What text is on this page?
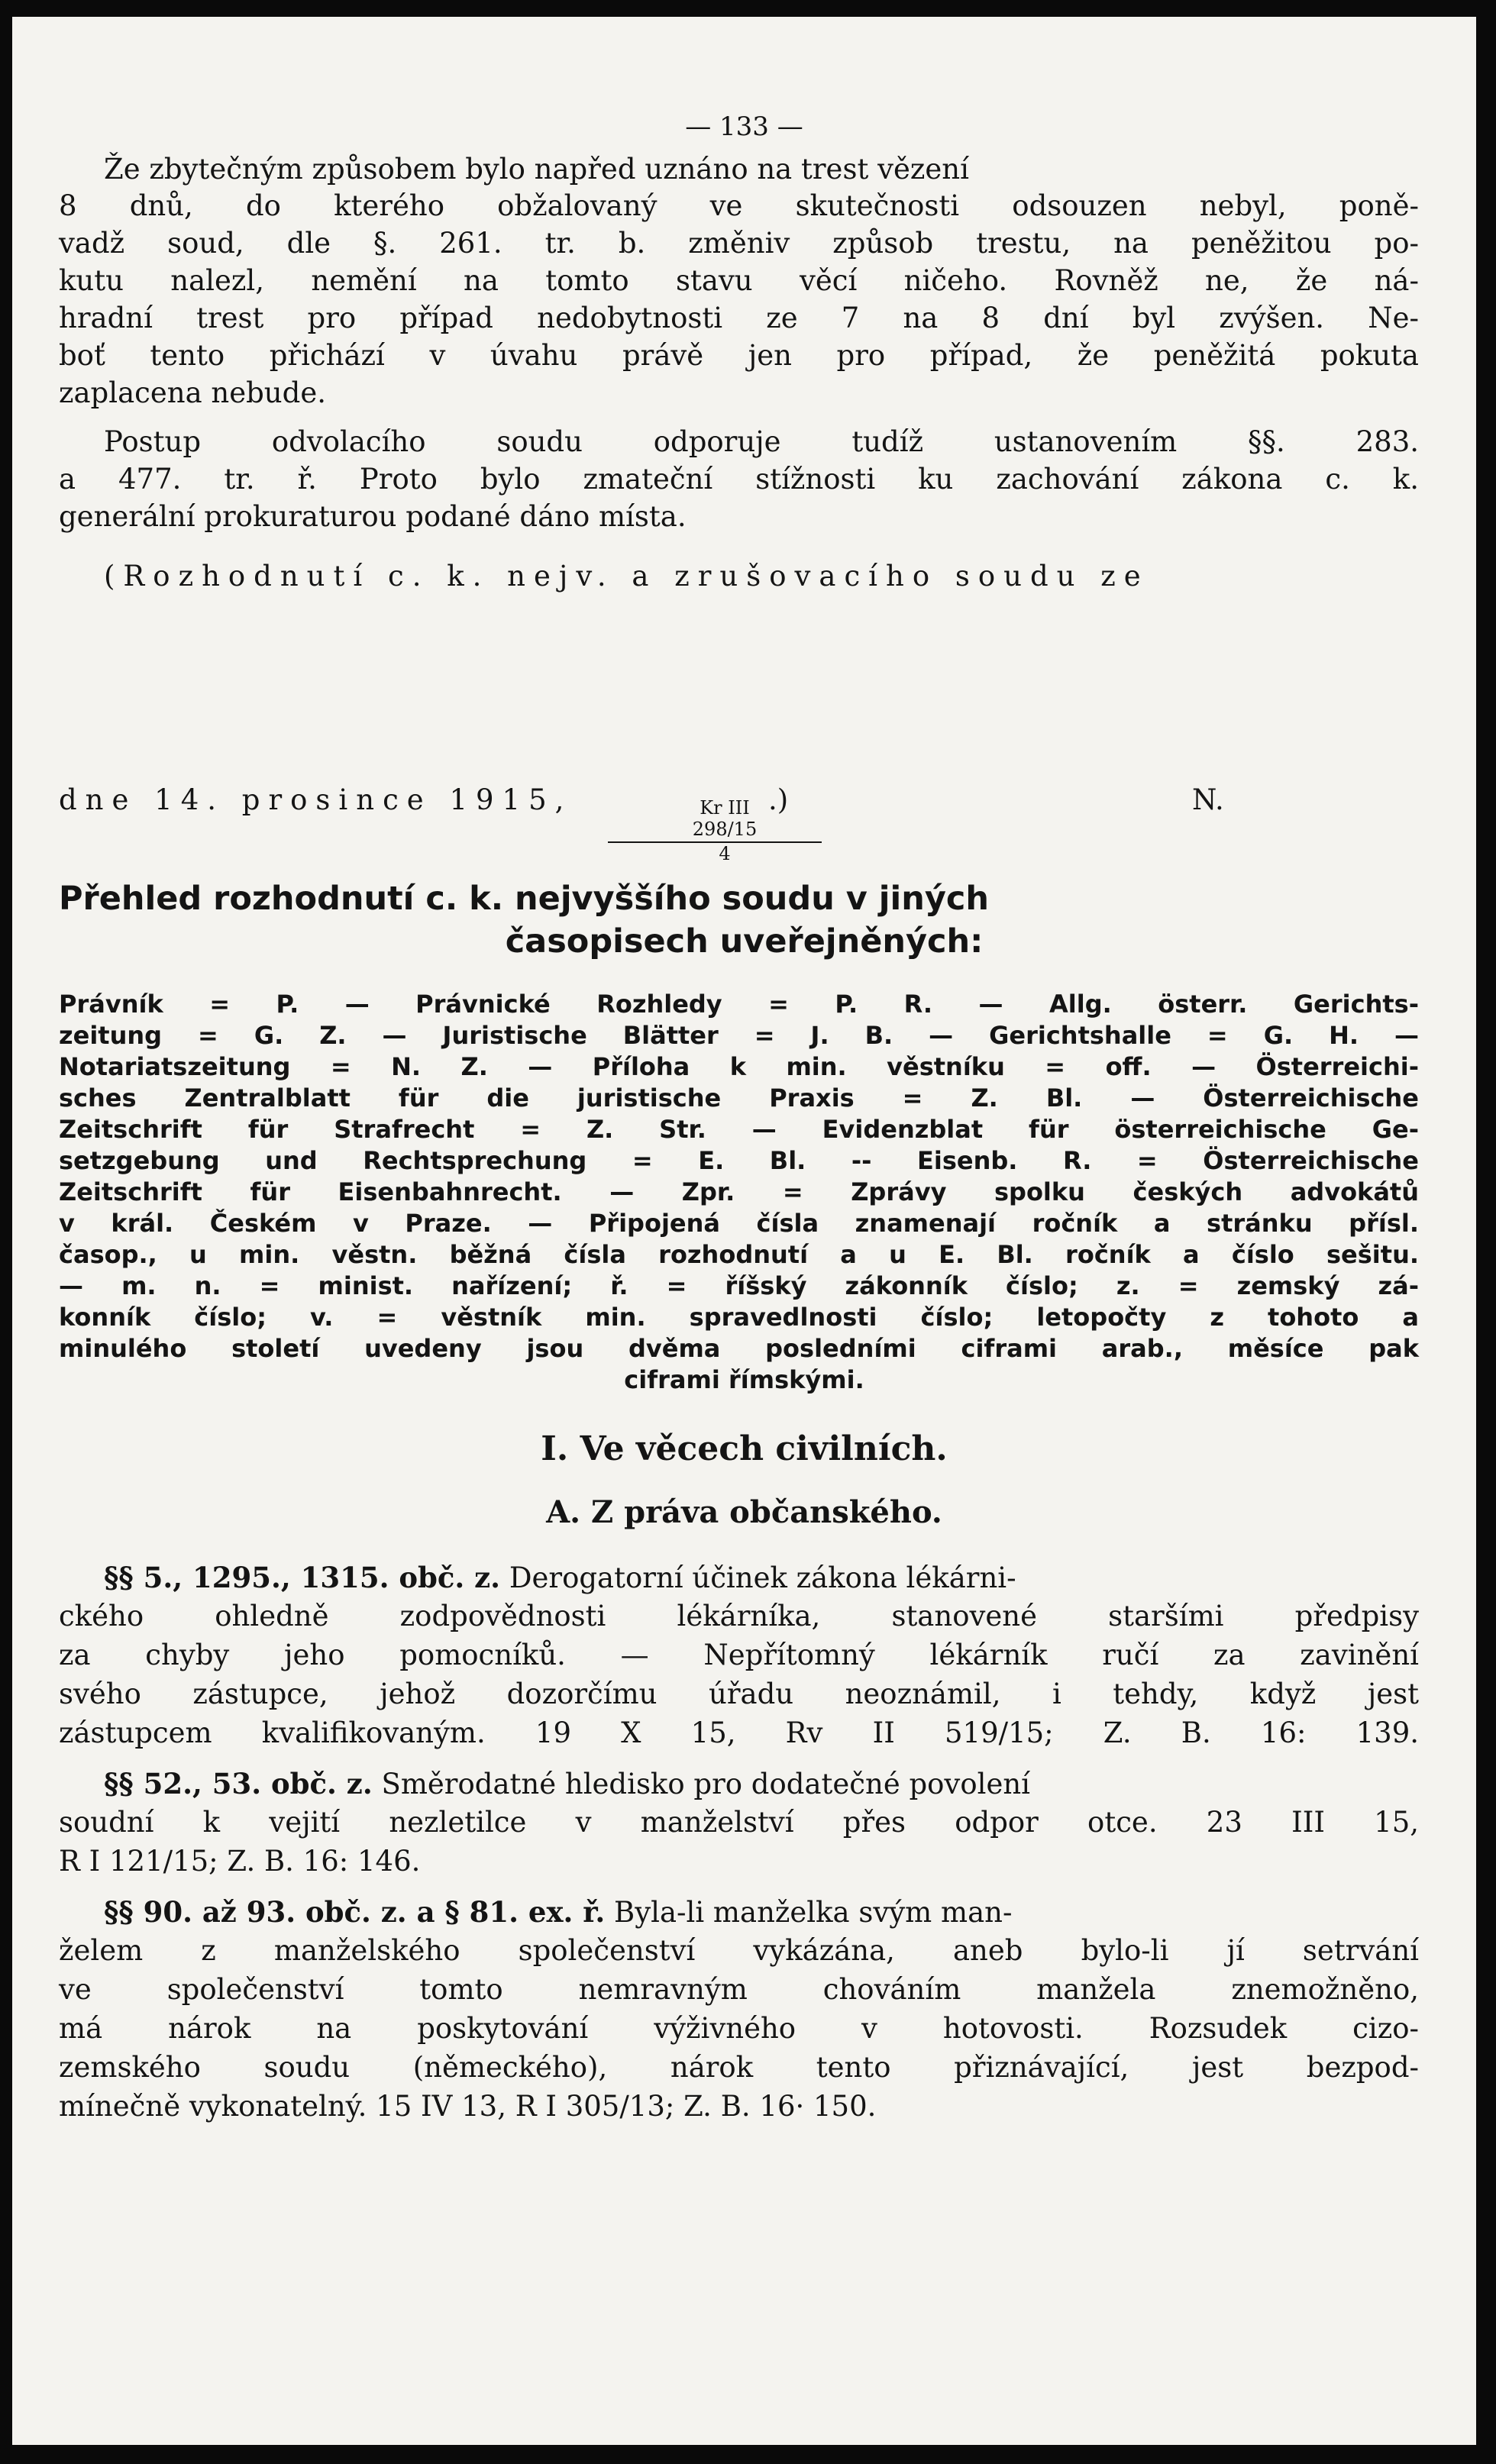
— 133 —
Že zbytečným způsobem bylo napřed uznáno na trest vězení
8 dnů, do kterého obžalovaný ve skutečnosti odsouzen nebyl, poně-
vadž soud, dle §. 261. tr. b. změniv způsob trestu, na peněžitou po-
kutu nalezl, nemění na tomto stavu věcí ničeho. Rovněž ne, že ná-
hradní trest pro případ nedobytnosti ze 7 na 8 dní byl zvýšen. Ne-
boť tento přichází v úvahu právě jen pro případ, že peněžitá pokuta
zaplacena nebude.
Postup odvolacího soudu odporuje tudíž ustanovením §§. 283.
a 477. tr. ř. Proto bylo zmateční stížnosti ku zachování zákona c. k.
generální prokuraturou podané dáno místa.
(Rozhodnutí c. k. nejv. a zrušovacího soudu ze
dne 14. prosince 1915,	Kr III 298/15
4
.)	N.
Přehled rozhodnutí c. k. nejvyššího soudu v jiných
časopisech uveřejněných:
Právník = P. — Právnické Rozhledy = P. R. — Allg. österr. Gerichts-
zeitung = G. Z. — Juristische Blätter = J. B. — Gerichtshalle = G. H. —
Notariatszeitung = N. Z. — Příloha k min. věstníku = off. — Österreichi-
sches Zentralblatt für die juristische Praxis = Z. Bl. — Österreichische
Zeitschrift für Strafrecht = Z. Str. — Evidenzblat für österreichische Ge-
setzgebung und Rechtsprechung = E. Bl. -- Eisenb. R. = Österreichische
Zeitschrift für Eisenbahnrecht. — Zpr. = Zprávy spolku českých advokátů
v král. Českém v Praze. — Připojená čísla znamenají ročník a stránku přísl.
časop., u min. věstn. běžná čísla rozhodnutí a u E. Bl. ročník a číslo sešitu.
— m. n. = minist. nařízení; ř. = říšský zákonník číslo; z. = zemský zá-
konník číslo; v. = věstník min. spravedlnosti číslo; letopočty z tohoto a
minulého století uvedeny jsou dvěma posledními ciframi arab., měsíce pak
ciframi římskými.
I. Ve věcech civilních.
A. Z práva občanského.
§§ 5., 1295., 1315. obč. z. Derogatorní účinek zákona lékárni-
ckého ohledně zodpovědnosti lékárníka, stanovené staršími předpisy
za chyby jeho pomocníků. — Nepřítomný lékárník ručí za zavinění
svého zástupce, jehož dozorčímu úřadu neoznámil, i tehdy, když jest
zástupcem kvalifikovaným. 19 X 15, Rv II 519/15; Z. B. 16: 139.
§§ 52., 53. obč. z. Směrodatné hledisko pro dodatečné povolení
soudní k vejití nezletilce v manželství přes odpor otce. 23 III 15,
R I 121/15; Z. B. 16: 146.
§§ 90. až 93. obč. z. a § 81. ex. ř. Byla-li manželka svým man-
želem z manželského společenství vykázána, aneb bylo-li jí setrvání
ve společenství tomto nemravným chováním manžela znemožněno,
má nárok na poskytování výživného v hotovosti. Rozsudek cizo-
zemského soudu (německého), nárok tento přiznávající, jest bezpod-
mínečně vykonatelný. 15 IV 13, R I 305/13; Z. B. 16· 150.
